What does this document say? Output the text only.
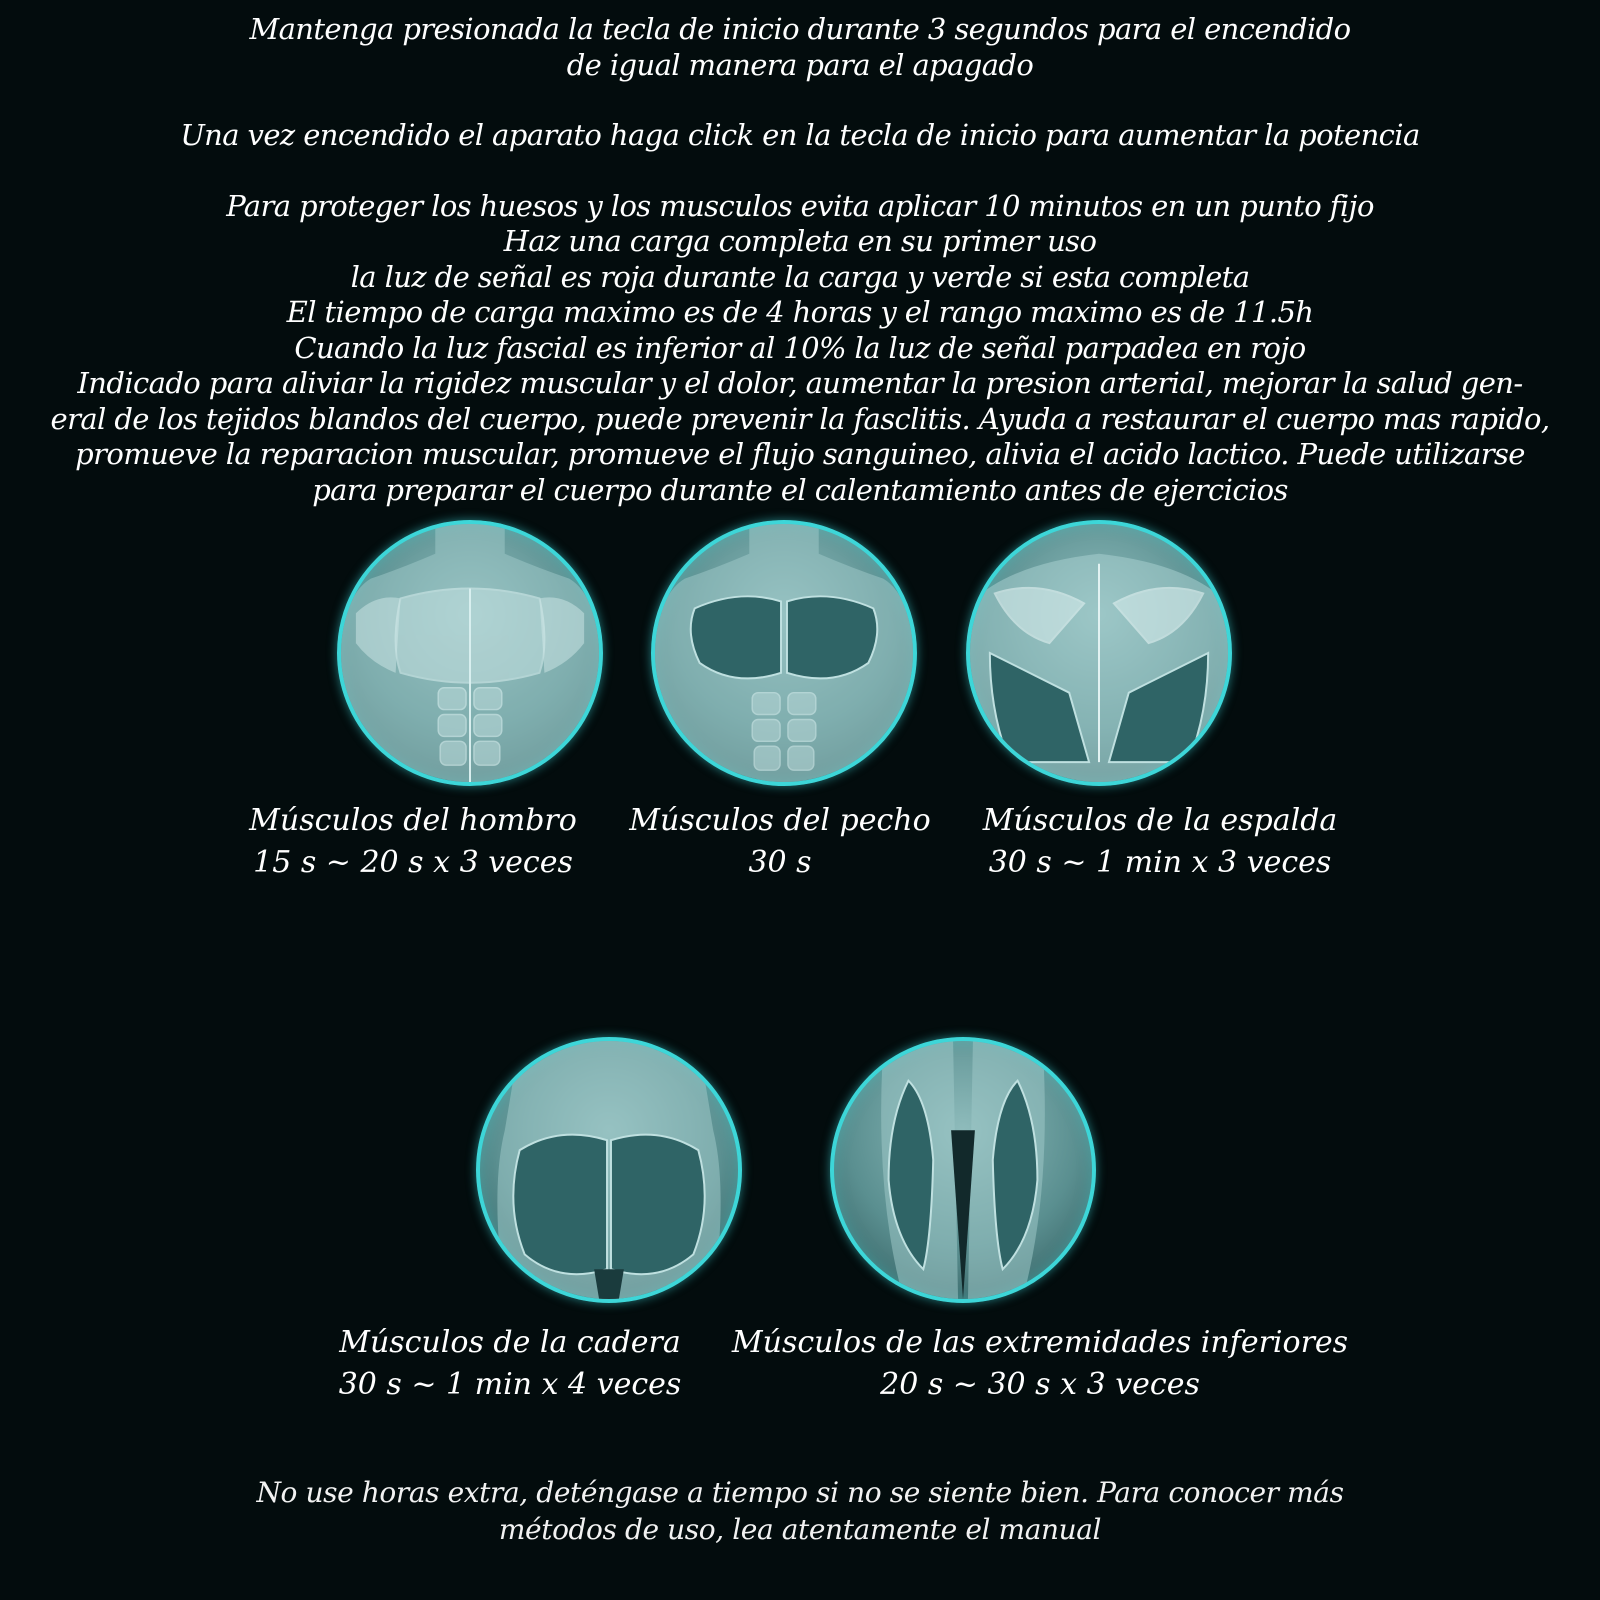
Mantenga presionada la tecla de inicio durante 3 segundos para el encendido

de igual manera para el apagado

Una vez encendido el aparato haga click en la tecla de inicio para aumentar la potencia

Para proteger los huesos y los musculos evita aplicar 10 minutos en un punto fijo

Haz una carga completa en su primer uso

la luz de señal es roja durante la carga y verde si esta completa

El tiempo de carga maximo es de 4 horas y el rango maximo es de 11.5h

Cuando la luz fascial es inferior al 10% la luz de señal parpadea en rojo

Indicado para aliviar la rigidez muscular y el dolor, aumentar la presion arterial, mejorar la salud gen-

eral de los tejidos blandos del cuerpo, puede prevenir la fasclitis. Ayuda a restaurar el cuerpo mas rapido,

promueve la reparacion muscular, promueve el flujo sanguineo, alivia el acido lactico. Puede utilizarse

para preparar el cuerpo durante el calentamiento antes de ejercicios

Músculos del hombro
15 s ~ 20 s x 3 veces
Músculos del pecho
30 s
Músculos de la espalda
30 s ~ 1 min x 3 veces
Músculos de la cadera
30 s ~ 1 min x 4 veces
Músculos de las extremidades inferiores
20 s ~ 30 s x 3 veces
No use horas extra, deténgase a tiempo si no se siente bien. Para conocer más
métodos de uso, lea atentamente el manual
